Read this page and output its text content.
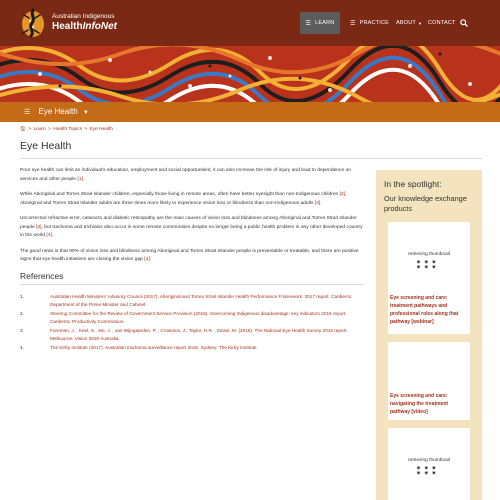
Australian Indigenous
HealthInfoNet	☰ LEARN	☰ PRACTICE ABOUT ▼ CONTACT
☰ Eye Health ▼
🏠 > Learn > Health Topics > Eye Health
Eye Health

Poor eye health can limit an individual's education, employment and social opportunities; it can also increase the risk of injury and lead to dependence on services and other people [1].

While Aboriginal and Torres Strait Islander children, especially those living in remote areas, often have better eyesight than non-Indigenous children [2], Aboriginal and Torres Strait Islander adults are three times more likely to experience vision loss or blindness than non-Indigenous adults [3].

Uncorrected refractive error, cataracts and diabetic retinopathy are the main causes of vision loss and blindness among Aboriginal and Torres Strait Islander people [3], but trachoma and trichiasis also occur in some remote communities despite no longer being a public health problem in any other developed country in the world [4].

The good news is that 90% of vision loss and blindness among Aboriginal and Torres Strait Islander people is preventable or treatable, and there are positive signs that eye health initiatives are closing the vision gap [3].

References
1.	Australian Health Ministers' Advisory Council (2017). Aboriginal and Torres Strait Islander Health Performance Framework: 2017 report. Canberra: Department of the Prime Minister and Cabinet.
2.	Steering Committee for the Review of Government Service Provision (2016). Overcoming Indigenous disadvantage: key indicators 2016 report. Canberra: Productivity Commission.
3.	Foreman, J. , Keel, S., Xie, J. , van Wijngaarden, P. , Crowston, J., Taylor, H.R. , Dirani, M. (2016). The National Eye Health Survey 2016 report. Melbourne: Vision 2020 Australia.
4.	The Kirby Institute (2017). Australian trachoma surveillance report 2016. Sydney: The Kirby Institute.
In the spotlight:
Our knowledge exchange products
retrieving thumbnail
✷ ✷ ✷
✷ ✷ ✷
Eye screening and care: treatment pathways and professional roles along that pathway [webinar]
Eye screening and care: navigating the treatment pathway [video]
retrieving thumbnail
✷ ✷ ✷
✷ ✷ ✷
